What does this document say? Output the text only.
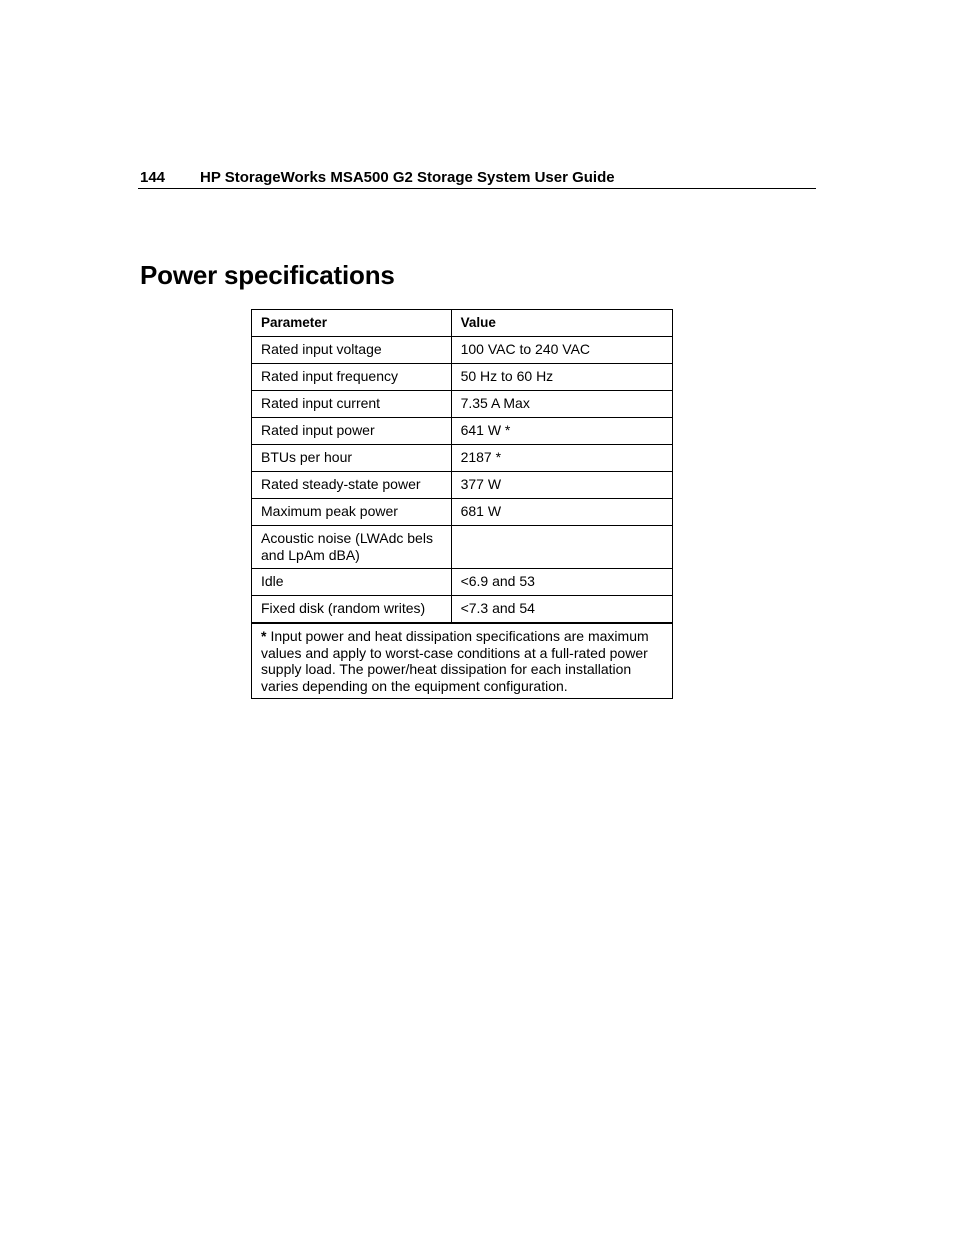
144 HP StorageWorks MSA500 G2 Storage System User Guide
Power specifications
Parameter	Value
Rated input voltage	100 VAC to 240 VAC
Rated input frequency	50 Hz to 60 Hz
Rated input current	7.35 A Max
Rated input power	641 W *
BTUs per hour	2187 *
Rated steady-state power	377 W
Maximum peak power	681 W
Acoustic noise (LWAdc bels and LpAm dBA)	
Idle	<6.9 and 53
Fixed disk (random writes)	<7.3 and 54
* Input power and heat dissipation specifications are maximum values and apply to worst-case conditions at a full-rated power supply load. The power/heat dissipation for each installation varies depending on the equipment configuration.	
